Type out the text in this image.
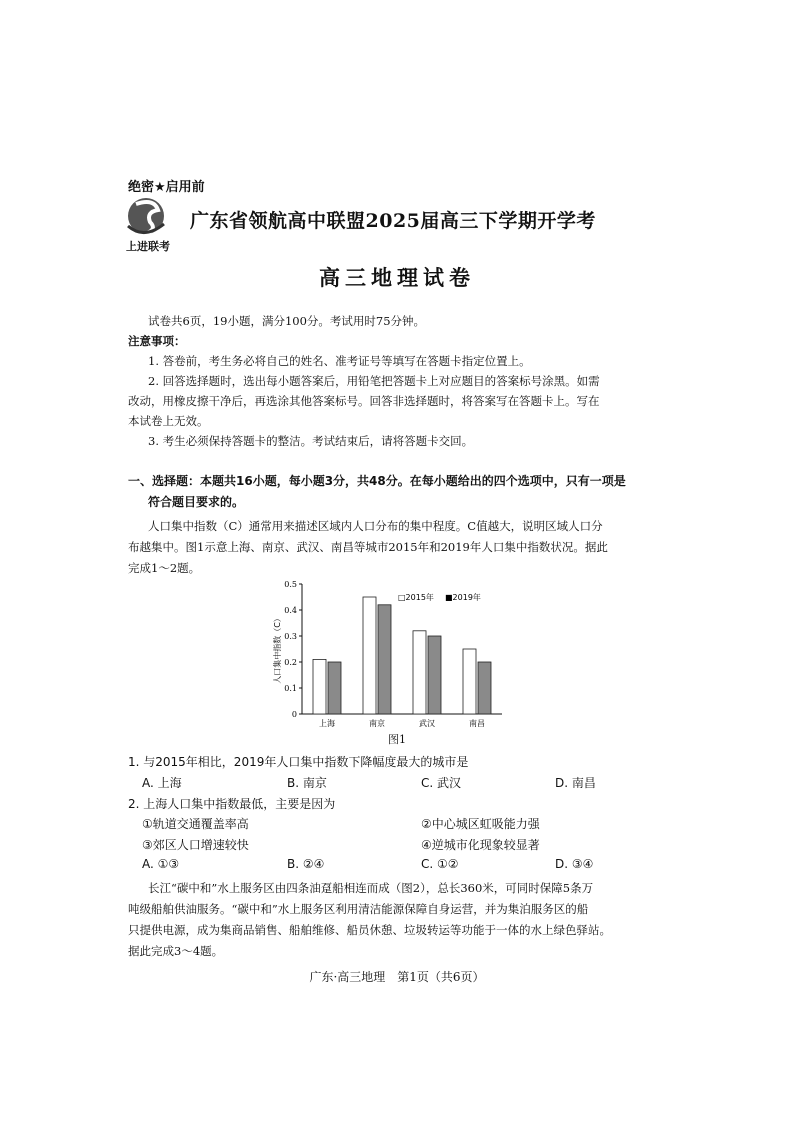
绝密★启用前
上进联考
广东省领航高中联盟2025届高三下学期开学考
高三地理试卷
试卷共6页，19小题，满分100分。考试用时75分钟。
注意事项：
1. 答卷前，考生务必将自己的姓名、准考证号等填写在答题卡指定位置上。
2. 回答选择题时，选出每小题答案后，用铅笔把答题卡上对应题目的答案标号涂黑。如需
改动，用橡皮擦干净后，再选涂其他答案标号。回答非选择题时，将答案写在答题卡上。写在
本试卷上无效。
3. 考生必须保持答题卡的整洁。考试结束后，请将答题卡交回。
一、选择题：本题共16小题，每小题3分，共48分。在每小题给出的四个选项中，只有一项是
符合题目要求的。
人口集中指数（C）通常用来描述区域内人口分布的集中程度。C值越大，说明区域人口分
布越集中。图1示意上海、南京、武汉、南昌等城市2015年和2019年人口集中指数状况。据此
完成1～2题。
0
0.1
0.2
0.3
0.4
0.5
上海	南京	武汉	南昌
人口集中指数（C）
□2015年 ■2019年
图1
1. 与2015年相比，2019年人口集中指数下降幅度最大的城市是
A. 上海	B. 南京	C. 武汉	D. 南昌
2. 上海人口集中指数最低，主要是因为
①轨道交通覆盖率高	②中心城区虹吸能力强
③郊区人口增速较快	④逆城市化现象较显著
A. ①③	B. ②④	C. ①②	D. ③④
长江“碳中和”水上服务区由四条油趸船相连而成（图2），总长360米，可同时保障5条万
吨级船舶供油服务。“碳中和”水上服务区利用清洁能源保障自身运营，并为集泊服务区的船
只提供电源，成为集商品销售、船舶维修、船员休憩、垃圾转运等功能于一体的水上绿色驿站。
据此完成3～4题。
广东·高三地理　第1页（共6页）
